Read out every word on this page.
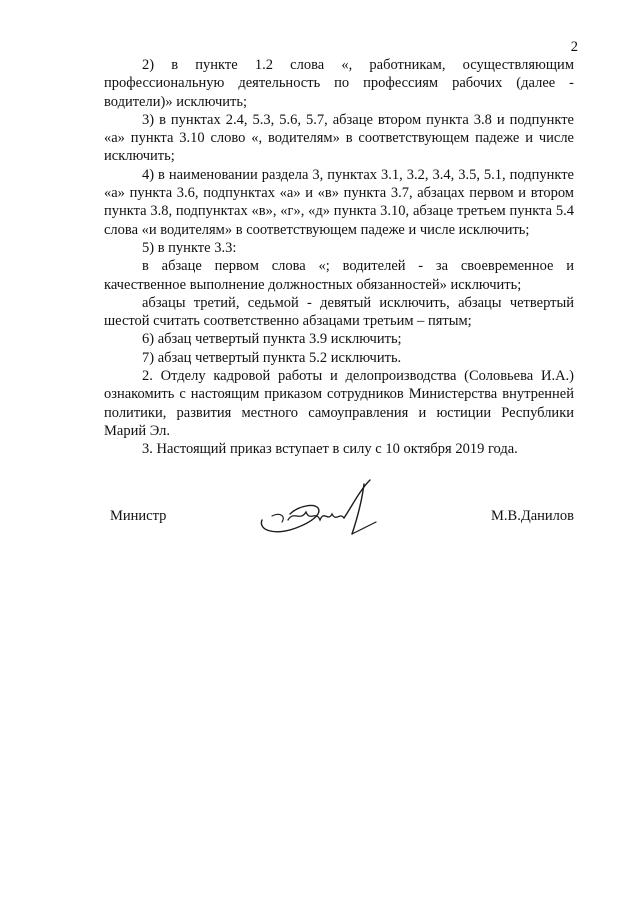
2

2) в пункте 1.2 слова «, работникам, осуществляющим профессиональную деятельность по профессиям рабочих (далее - водители)» исключить;

3) в пунктах 2.4, 5.3, 5.6, 5.7, абзаце втором пункта 3.8 и подпункте «а» пункта 3.10 слово «, водителям» в соответствующем падеже и числе исключить;

4) в наименовании раздела 3, пунктах 3.1, 3.2, 3.4, 3.5, 5.1, подпункте «а» пункта 3.6, подпунктах «а» и «в» пункта 3.7, абзацах первом и втором пункта 3.8, подпунктах «в», «г», «д» пункта 3.10, абзаце третьем пункта 5.4 слова «и водителям» в соответствующем падеже и числе исключить;

5) в пункте 3.3:

в абзаце первом слова «; водителей - за своевременное и качественное выполнение должностных обязанностей» исключить;

абзацы третий, седьмой - девятый исключить, абзацы четвертый шестой считать соответственно абзацами третьим – пятым;

6) абзац четвертый пункта 3.9 исключить;

7) абзац четвертый пункта 5.2 исключить.

2. Отделу кадровой работы и делопроизводства (Соловьева И.А.) ознакомить с настоящим приказом сотрудников Министерства внутренней политики, развития местного самоуправления и юстиции Республики Марий Эл.

3. Настоящий приказ вступает в силу с 10 октября 2019 года.

Министр	М.В.Данилов
